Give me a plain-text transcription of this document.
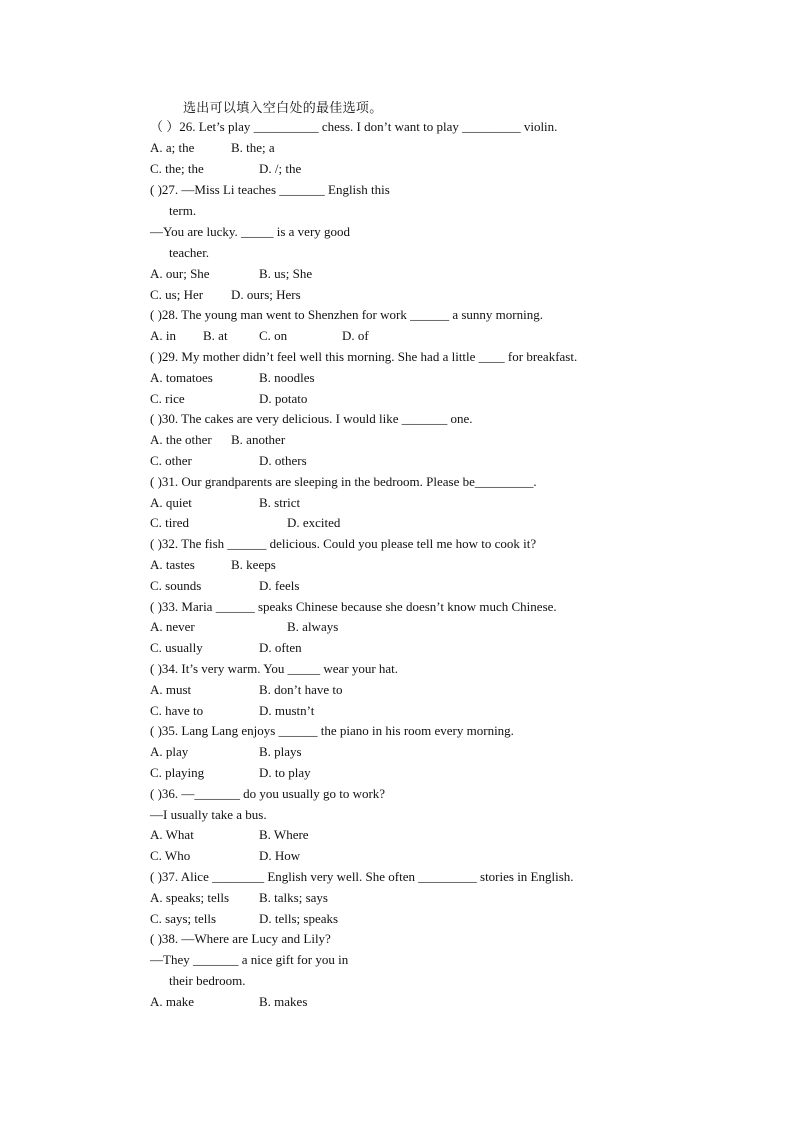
选出可以填入空白处的最佳选项。
（ ）26. Let’s play __________ chess. I don’t want to play _________ violin.
A. a; the	B. the; a
C. the; the	D. /; the
( )27. —Miss Li teaches _______ English this
term.
—You are lucky. _____ is a very good
teacher.
A. our; She	B. us; She
C. us; Her D. ours; Hers
( )28. The young man went to Shenzhen for work ______ a sunny morning.
A. in B. at C. on	D. of
( )29. My mother didn’t feel well this morning. She had a little ____ for breakfast.
A. tomatoes	B. noodles
C. rice	D. potato
( )30. The cakes are very delicious. I would like _______ one.
A. the other B. another
C. other	D. others
( )31. Our grandparents are sleeping in the bedroom. Please be_________.
A. quiet	B. strict
C. tired	D. excited
( )32. The fish ______ delicious. Could you please tell me how to cook it?
A. tastes	B. keeps
C. sounds	D. feels
( )33. Maria ______ speaks Chinese because she doesn’t know much Chinese.
A. never	B. always
C. usually	D. often
( )34. It’s very warm. You _____ wear your hat.
A. must	B. don’t have to
C. have to	D. mustn’t
( )35. Lang Lang enjoys ______ the piano in his room every morning.
A. play	B. plays
C. playing	D. to play
( )36. —_______ do you usually go to work?
—I usually take a bus.
A. What	B. Where
C. Who	D. How
( )37. Alice ________ English very well. She often _________ stories in English.
A. speaks; tells B. talks; says
C. says; tells	D. tells; speaks
( )38. —Where are Lucy and Lily?
—They _______ a nice gift for you in
their bedroom.
A. make	B. makes
